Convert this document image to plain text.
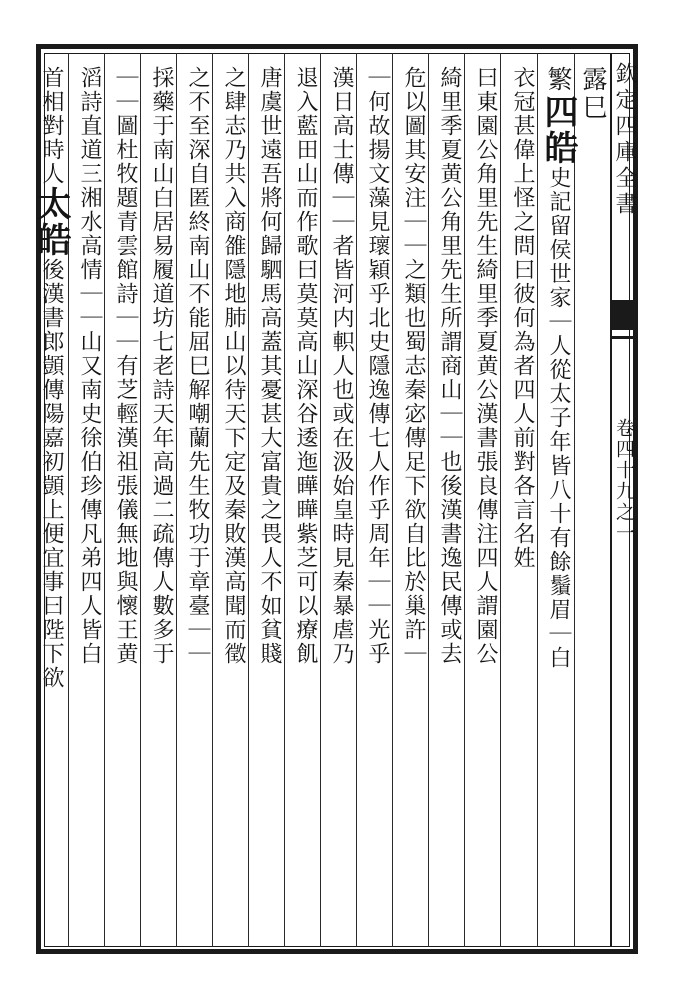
欽定四庫全書
卷四十九之一
露巳
繁四皓史記留侯世家｜人從太子年皆八十有餘鬚眉｜白
衣冠甚偉上怪之問曰彼何為者四人前對各言名姓
曰東園公角里先生綺里季夏黄公漢書張良傳注四人謂園公
綺里季夏黄公角里先生所謂商山｜｜也後漢書逸民傳或去
危以圖其安注｜｜之類也蜀志秦宓傳足下欲自比於巢許｜
｜何故揚文藻見瓌穎乎北史隱逸傳七人作乎周年｜｜光乎
漢日高士傳｜｜者皆河内軹人也或在汲始皇時見秦暴虐乃
退入藍田山而作歌曰莫莫高山深谷逶迤曄曄紫芝可以療飢
唐虞世遠吾將何歸駟馬高蓋其憂甚大富貴之畏人不如貧賤
之肆志乃共入商雒隱地肺山以待天下定及秦敗漢高聞而徵
之不至深自匿終南山不能屈巳解嘲蘭先生牧功于章臺｜｜
採藥于南山白居易履道坊七老詩天年高過二疏傳人數多于
｜｜圖杜牧題青雲館詩｜｜有芝輕漢祖張儀無地與懷王黄
滔詩直道三湘水高情｜｜山又南史徐伯珍傳凡弟四人皆白
首相對時人太皓後漢書郎顗傳陽嘉初顗上便宜事曰陛下欲
